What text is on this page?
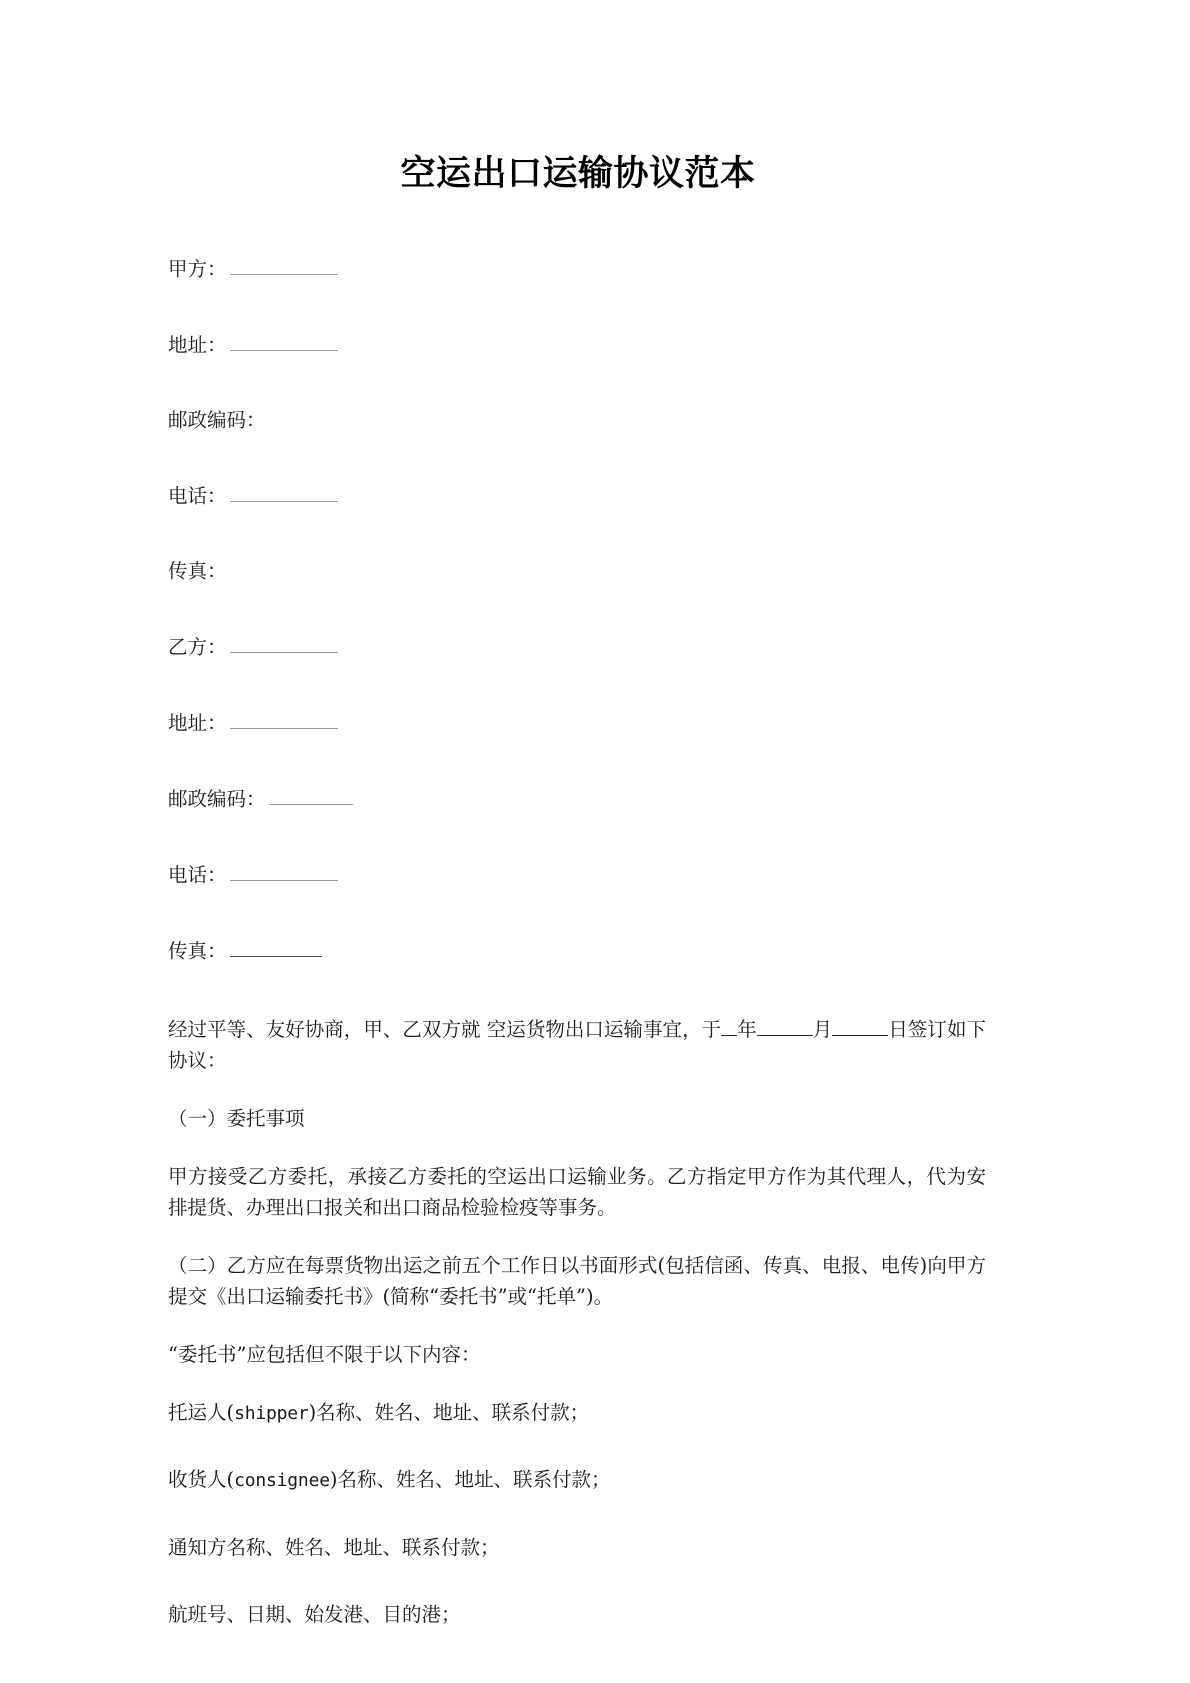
空运出口运输协议范本
甲方：
地址：
邮政编码：
电话：
传真：
乙方：
地址：
邮政编码：
电话：
传真：

经过平等、友好协商，甲、乙双方就 空运货物出口运输事宜，于 年	月	日签订如下协议：

（一）委托事项

甲方接受乙方委托，承接乙方委托的空运出口运输业务。乙方指定甲方作为其代理人，代为安排提货、办理出口报关和出口商品检验检疫等事务。

（二）乙方应在每票货物出运之前五个工作日以书面形式(包括信函、传真、电报、电传)向甲方提交《出口运输委托书》(简称“委托书”或“托单”)。

“委托书”应包括但不限于以下内容：

托运人(shipper)名称、姓名、地址、联系付款；

收货人(consignee)名称、姓名、地址、联系付款；

通知方名称、姓名、地址、联系付款；

航班号、日期、始发港、目的港；
